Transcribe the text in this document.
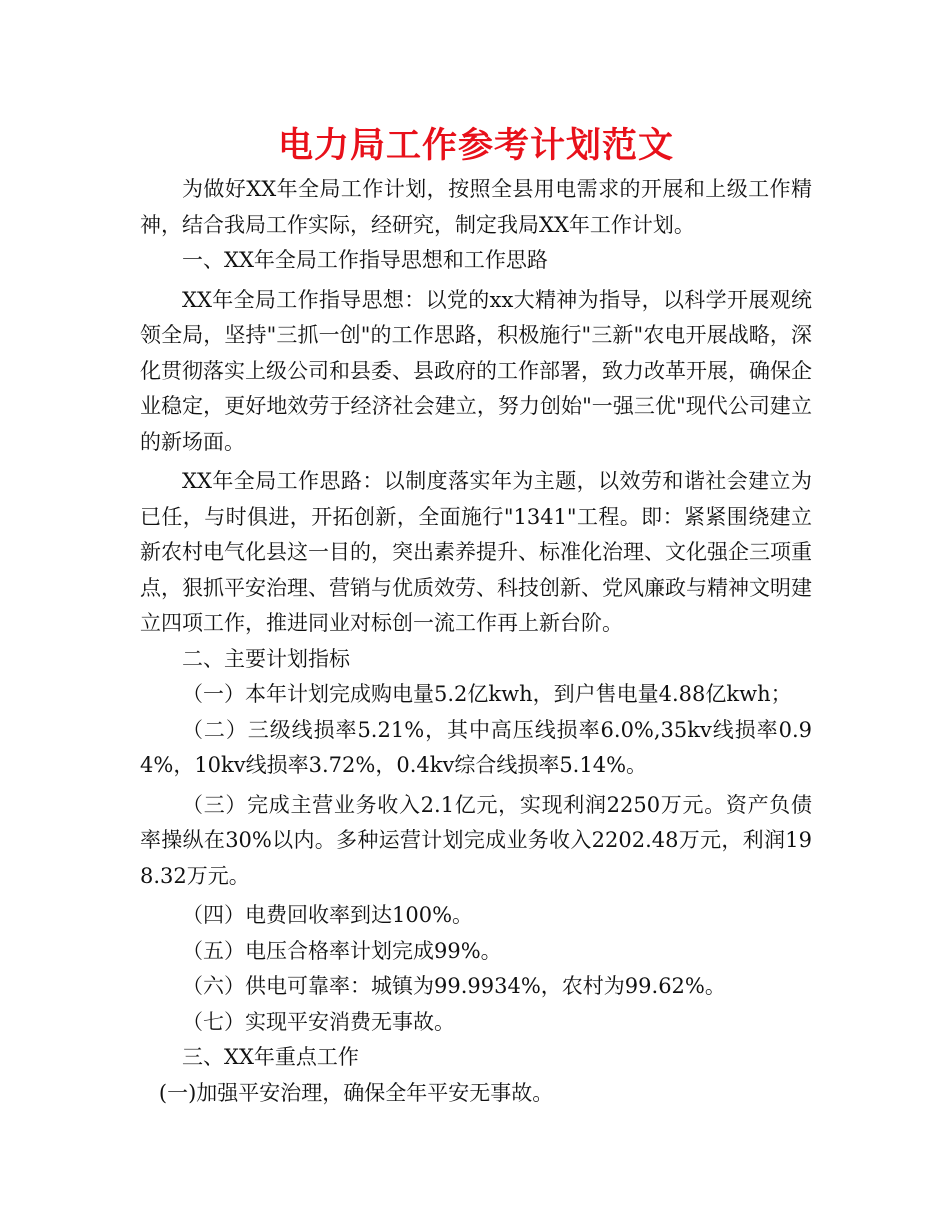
电力局工作参考计划范文

为做好XX年全局工作计划，按照全县用电需求的开展和上级工作精神，结合我局工作实际，经研究，制定我局XX年工作计划。

一、XX年全局工作指导思想和工作思路

XX年全局工作指导思想：以党的xx大精神为指导，以科学开展观统领全局，坚持"三抓一创"的工作思路，积极施行"三新"农电开展战略，深化贯彻落实上级公司和县委、县政府的工作部署，致力改革开展，确保企业稳定，更好地效劳于经济社会建立，努力创始"一强三优"现代公司建立的新场面。

XX年全局工作思路：以制度落实年为主题，以效劳和谐社会建立为已任，与时俱进，开拓创新，全面施行"1341"工程。即：紧紧围绕建立新农村电气化县这一目的，突出素养提升、标准化治理、文化强企三项重点，狠抓平安治理、营销与优质效劳、科技创新、党风廉政与精神文明建立四项工作，推进同业对标创一流工作再上新台阶。

二、主要计划指标

（一）本年计划完成购电量5.2亿kwh，到户售电量4.88亿kwh；

（二）三级线损率5.21%，其中高压线损率6.0%,35kv线损率0.94%，10kv线损率3.72%，0.4kv综合线损率5.14%。

（三）完成主营业务收入2.1亿元，实现利润2250万元。资产负债率操纵在30%以内。多种运营计划完成业务收入2202.48万元，利润198.32万元。

（四）电费回收率到达100%。

（五）电压合格率计划完成99%。

（六）供电可靠率：城镇为99.9934%，农村为99.62%。

（七）实现平安消费无事故。

三、XX年重点工作

(一)加强平安治理，确保全年平安无事故。
